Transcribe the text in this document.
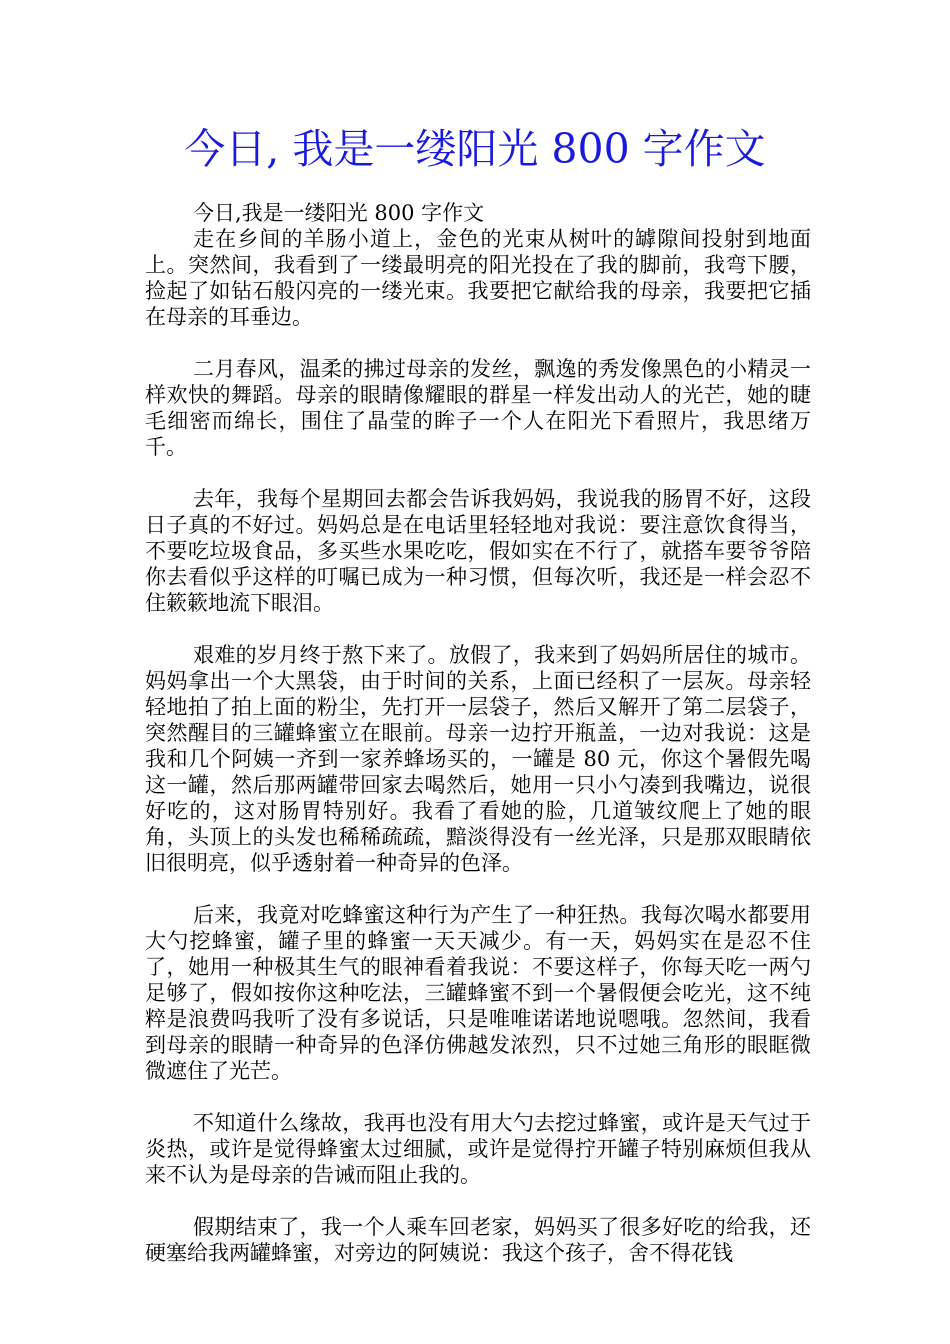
今日, 我是一缕阳光 800 字作文

今日,我是一缕阳光 800 字作文

走在乡间的羊肠小道上，金色的光束从树叶的罅隙间投射到地面上。突然间，我看到了一缕最明亮的阳光投在了我的脚前，我弯下腰，捡起了如钻石般闪亮的一缕光束。我要把它献给我的母亲，我要把它插在母亲的耳垂边。

二月春风，温柔的拂过母亲的发丝，飘逸的秀发像黑色的小精灵一样欢快的舞蹈。母亲的眼睛像耀眼的群星一样发出动人的光芒，她的睫毛细密而绵长，围住了晶莹的眸子一个人在阳光下看照片，我思绪万千。

去年，我每个星期回去都会告诉我妈妈，我说我的肠胃不好，这段日子真的不好过。妈妈总是在电话里轻轻地对我说：要注意饮食得当，不要吃垃圾食品，多买些水果吃吃，假如实在不行了，就搭车要爷爷陪你去看似乎这样的叮嘱已成为一种习惯，但每次听，我还是一样会忍不住簌簌地流下眼泪。

艰难的岁月终于熬下来了。放假了，我来到了妈妈所居住的城市。妈妈拿出一个大黑袋，由于时间的关系，上面已经积了一层灰。母亲轻轻地拍了拍上面的粉尘，先打开一层袋子，然后又解开了第二层袋子，突然醒目的三罐蜂蜜立在眼前。母亲一边拧开瓶盖，一边对我说：这是我和几个阿姨一齐到一家养蜂场买的，一罐是 80 元，你这个暑假先喝这一罐，然后那两罐带回家去喝然后，她用一只小勺凑到我嘴边，说很好吃的，这对肠胃特别好。我看了看她的脸，几道皱纹爬上了她的眼角，头顶上的头发也稀稀疏疏，黯淡得没有一丝光泽，只是那双眼睛依旧很明亮，似乎透射着一种奇异的色泽。

后来，我竟对吃蜂蜜这种行为产生了一种狂热。我每次喝水都要用大勺挖蜂蜜，罐子里的蜂蜜一天天减少。有一天，妈妈实在是忍不住了，她用一种极其生气的眼神看着我说：不要这样子，你每天吃一两勺足够了，假如按你这种吃法，三罐蜂蜜不到一个暑假便会吃光，这不纯粹是浪费吗我听了没有多说话，只是唯唯诺诺地说嗯哦。忽然间，我看到母亲的眼睛一种奇异的色泽仿佛越发浓烈，只不过她三角形的眼眶微微遮住了光芒。

不知道什么缘故，我再也没有用大勺去挖过蜂蜜，或许是天气过于炎热，或许是觉得蜂蜜太过细腻，或许是觉得拧开罐子特别麻烦但我从来不认为是母亲的告诫而阻止我的。

假期结束了，我一个人乘车回老家，妈妈买了很多好吃的给我，还硬塞给我两罐蜂蜜，对旁边的阿姨说：我这个孩子，舍不得花钱
